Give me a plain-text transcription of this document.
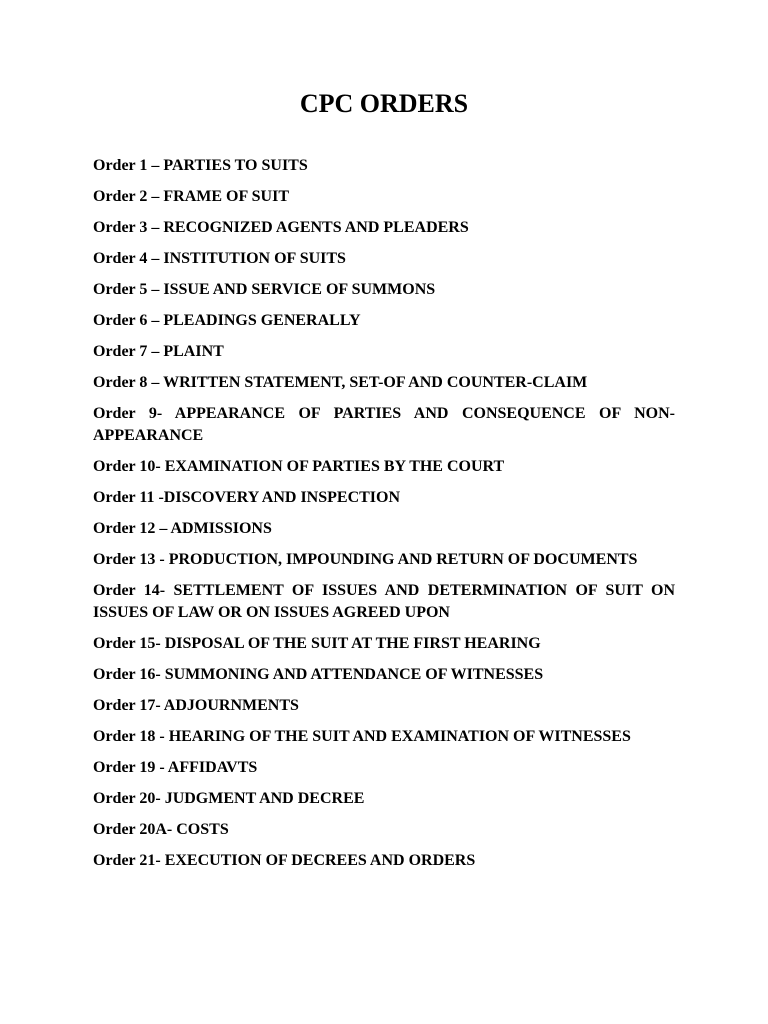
CPC ORDERS
Order 1 – PARTIES TO SUITS
Order 2 – FRAME OF SUIT
Order 3 – RECOGNIZED AGENTS AND PLEADERS
Order 4 – INSTITUTION OF SUITS
Order 5 – ISSUE AND SERVICE OF SUMMONS
Order 6 – PLEADINGS GENERALLY
Order 7 – PLAINT
Order 8 – WRITTEN STATEMENT, SET-OF AND COUNTER-CLAIM
Order 9- APPEARANCE OF PARTIES AND CONSEQUENCE OF NON-APPEARANCE
Order 10- EXAMINATION OF PARTIES BY THE COURT
Order 11 -DISCOVERY AND INSPECTION
Order 12 – ADMISSIONS
Order 13 - PRODUCTION, IMPOUNDING AND RETURN OF DOCUMENTS
Order 14- SETTLEMENT OF ISSUES AND DETERMINATION OF SUIT ON ISSUES OF LAW OR ON ISSUES AGREED UPON
Order 15- DISPOSAL OF THE SUIT AT THE FIRST HEARING
Order 16- SUMMONING AND ATTENDANCE OF WITNESSES
Order 17- ADJOURNMENTS
Order 18 - HEARING OF THE SUIT AND EXAMINATION OF WITNESSES
Order 19 - AFFIDAVTS
Order 20- JUDGMENT AND DECREE
Order 20A- COSTS
Order 21- EXECUTION OF DECREES AND ORDERS
